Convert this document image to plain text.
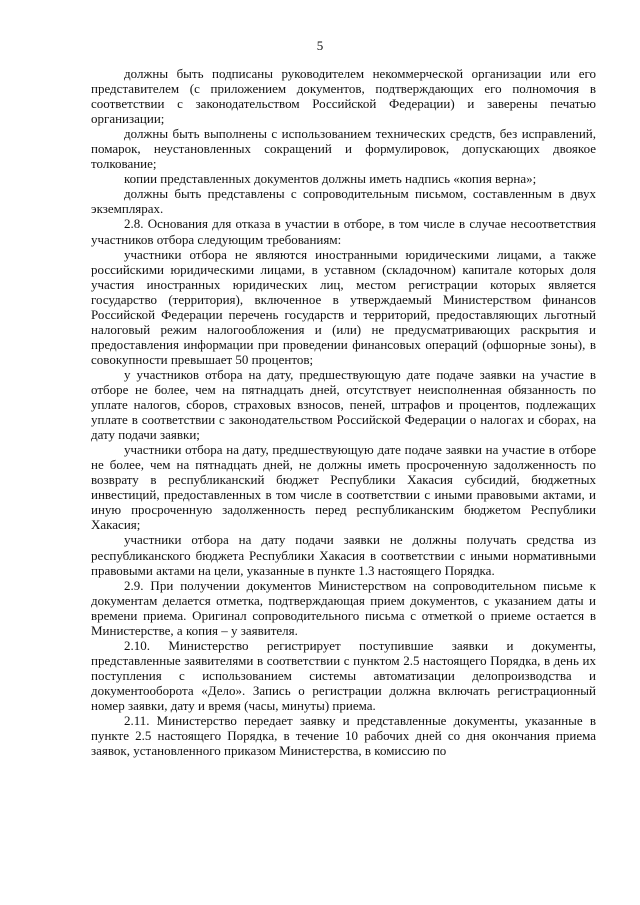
5

должны быть подписаны руководителем некоммерческой организации или его представителем (с приложением документов, подтверждающих его полномочия в соответствии с законодательством Российской Федерации) и заверены печатью организации;

должны быть выполнены с использованием технических средств, без исправлений, помарок, неустановленных сокращений и формулировок, допускающих двоякое толкование;

копии представленных документов должны иметь надпись «копия верна»;

должны быть представлены с сопроводительным письмом, составленным в двух экземплярах.

2.8. Основания для отказа в участии в отборе, в том числе в случае несоответствия участников отбора следующим требованиям:

участники отбора не являются иностранными юридическими лицами, а также российскими юридическими лицами, в уставном (складочном) капитале которых доля участия иностранных юридических лиц, местом регистрации которых является государство (территория), включенное в утверждаемый Министерством финансов Российской Федерации перечень государств и территорий, предоставляющих льготный налоговый режим налогообложения и (или) не предусматривающих раскрытия и предоставления информации при проведении финансовых операций (офшорные зоны), в совокупности превышает 50 процентов;

у участников отбора на дату, предшествующую дате подаче заявки на участие в отборе не более, чем на пятнадцать дней, отсутствует неисполненная обязанность по уплате налогов, сборов, страховых взносов, пеней, штрафов и процентов, подлежащих уплате в соответствии с законодательством Российской Федерации о налогах и сборах, на дату подачи заявки;

участники отбора на дату, предшествующую дате подаче заявки на участие в отборе не более, чем на пятнадцать дней, не должны иметь просроченную задолженность по возврату в республиканский бюджет Республики Хакасия субсидий, бюджетных инвестиций, предоставленных в том числе в соответствии с иными правовыми актами, и иную просроченную задолженность перед республиканским бюджетом Республики Хакасия;

участники отбора на дату подачи заявки не должны получать средства из республиканского бюджета Республики Хакасия в соответствии с иными нормативными правовыми актами на цели, указанные в пункте 1.3 настоящего Порядка.

2.9. При получении документов Министерством на сопроводительном письме к документам делается отметка, подтверждающая прием документов, с указанием даты и времени приема. Оригинал сопроводительного письма с отметкой о приеме остается в Министерстве, а копия – у заявителя.

2.10. Министерство регистрирует поступившие заявки и документы, представленные заявителями в соответствии с пунктом 2.5 настоящего Порядка, в день их поступления с использованием системы автоматизации делопроизводства и документооборота «Дело». Запись о регистрации должна включать регистрационный номер заявки, дату и время (часы, минуты) приема.

2.11. Министерство передает заявку и представленные документы, указанные в пункте 2.5 настоящего Порядка, в течение 10 рабочих дней со дня окончания приема заявок, установленного приказом Министерства, в комиссию по
